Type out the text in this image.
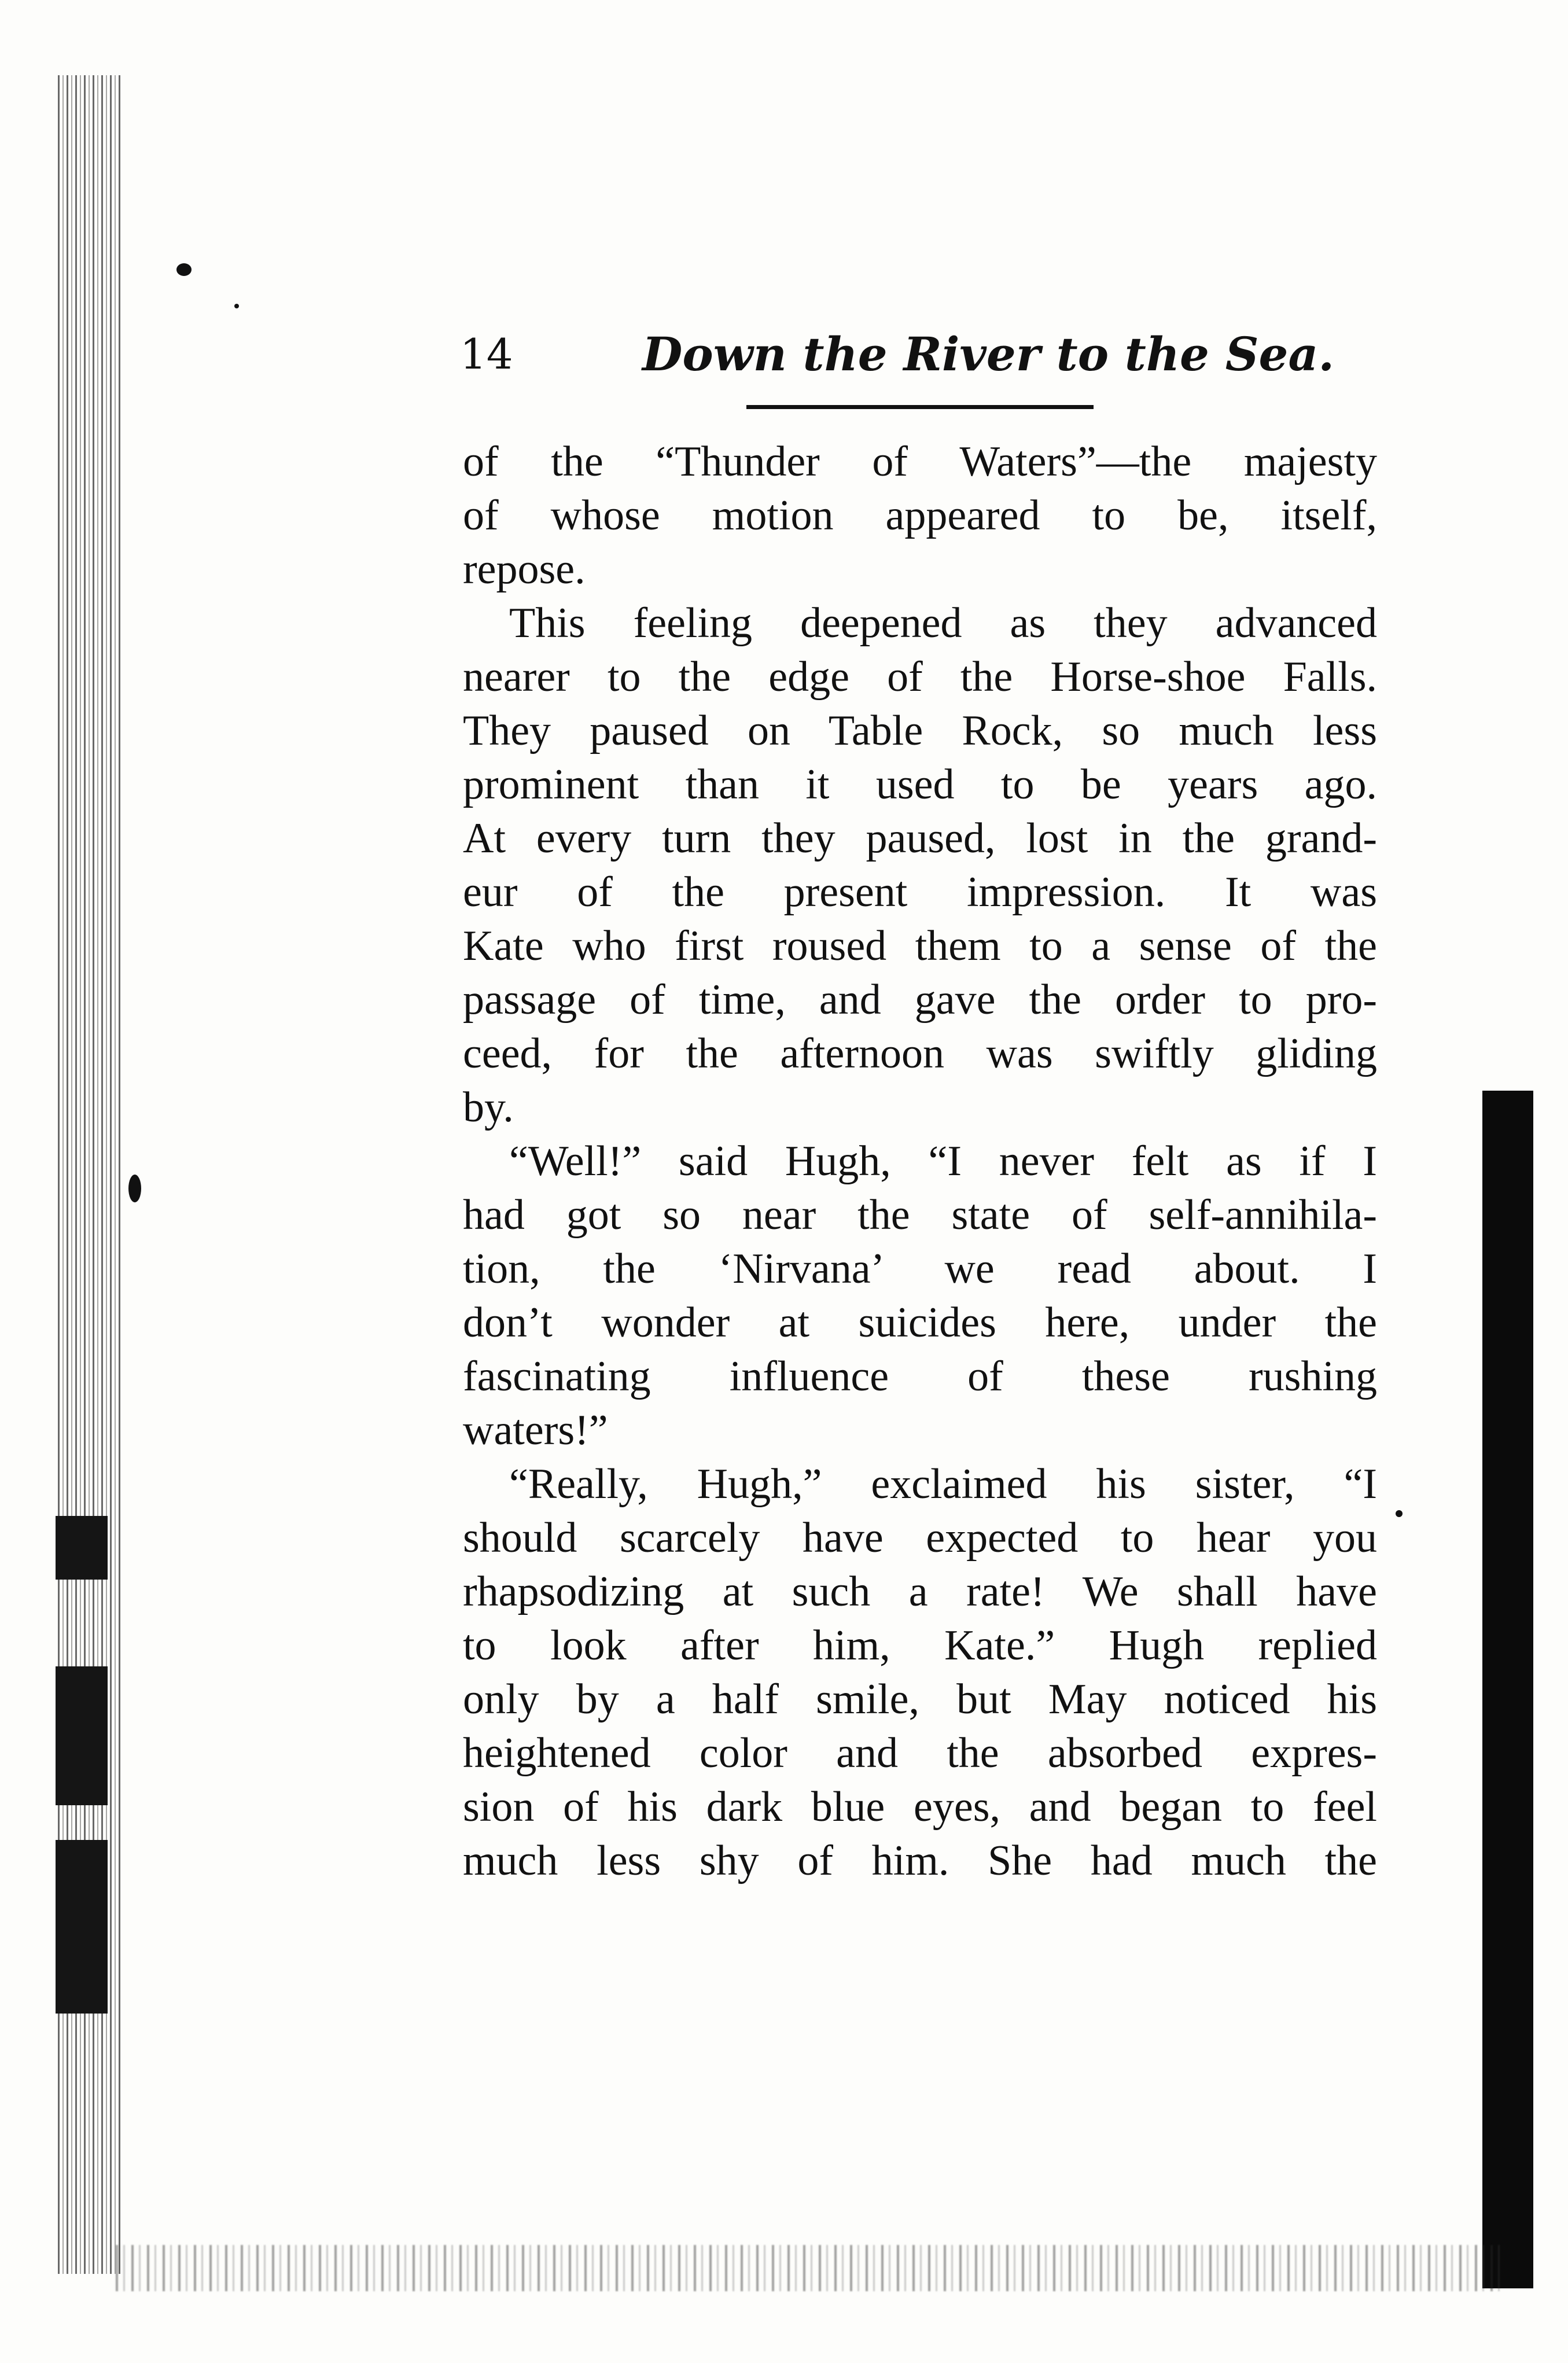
14	Down the River to the Sea.
of the “Thunder of Waters”—the majesty
of whose motion appeared to be, itself,
repose.
This feeling deepened as they advanced
nearer to the edge of the Horse-shoe Falls.
They paused on Table Rock, so much less
prominent than it used to be years ago.
At every turn they paused, lost in the grand-
eur of the present impression. It was
Kate who first roused them to a sense of the
passage of time, and gave the order to pro-
ceed, for the afternoon was swiftly gliding
by.
“Well!” said Hugh, “I never felt as if I
had got so near the state of self-annihila-
tion, the ‘Nirvana’ we read about. I
don’t wonder at suicides here, under the
fascinating influence of these rushing
waters!”
“Really, Hugh,” exclaimed his sister, “I
should scarcely have expected to hear you
rhapsodizing at such a rate! We shall have
to look after him, Kate.” Hugh replied
only by a half smile, but May noticed his
heightened color and the absorbed expres-
sion of his dark blue eyes, and began to feel
much less shy of him. She had much the
